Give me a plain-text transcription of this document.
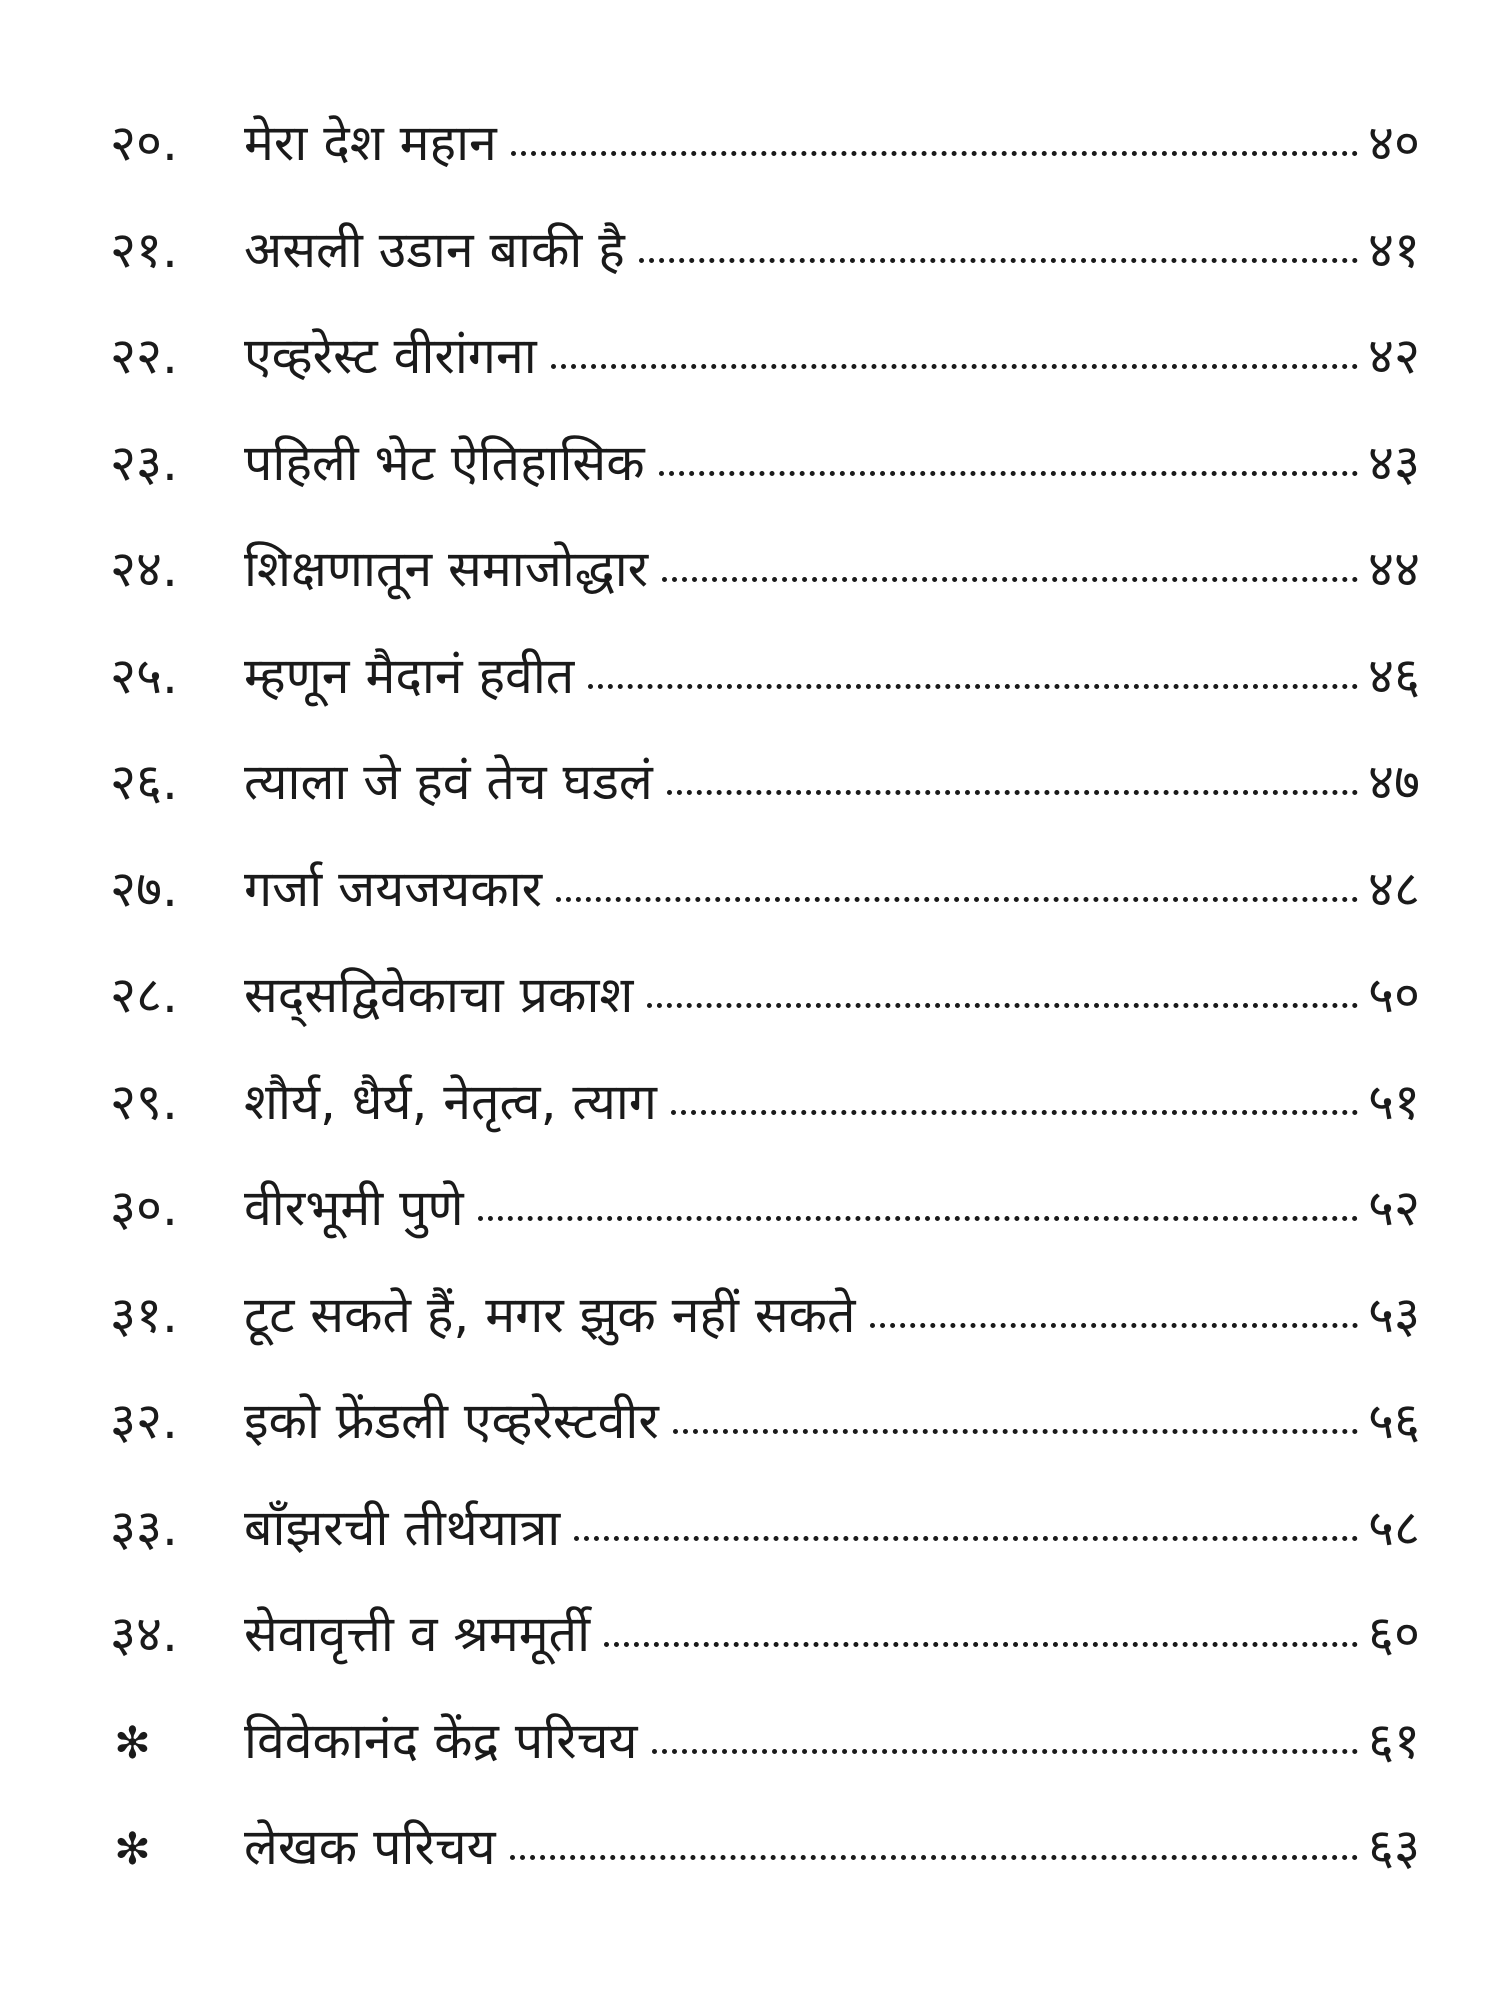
२०.	मेरा देश महान	४०
२१.	असली उडान बाकी है	४१
२२.	एव्हरेस्ट वीरांगना	४२
२३.	पहिली भेट ऐतिहासिक	४३
२४.	शिक्षणातून समाजोद्धार	४४
२५.	म्हणून मैदानं हवीत	४६
२६.	त्याला जे हवं तेच घडलं	४७
२७.	गर्जा जयजयकार	४८
२८.	सद्सद्विवेकाचा प्रकाश	५०
२९.	शौर्य, धैर्य, नेतृत्व, त्याग	५१
३०.	वीरभूमी पुणे	५२
३१.	टूट सकते हैं, मगर झुक नहीं सकते	५३
३२.	इको फ्रेंडली एव्हरेस्टवीर	५६
३३.	बाँझरची तीर्थयात्रा	५८
३४.	सेवावृत्ती व श्रममूर्ती	६०
✻	विवेकानंद केंद्र परिचय	६१
✻	लेखक परिचय	६३
